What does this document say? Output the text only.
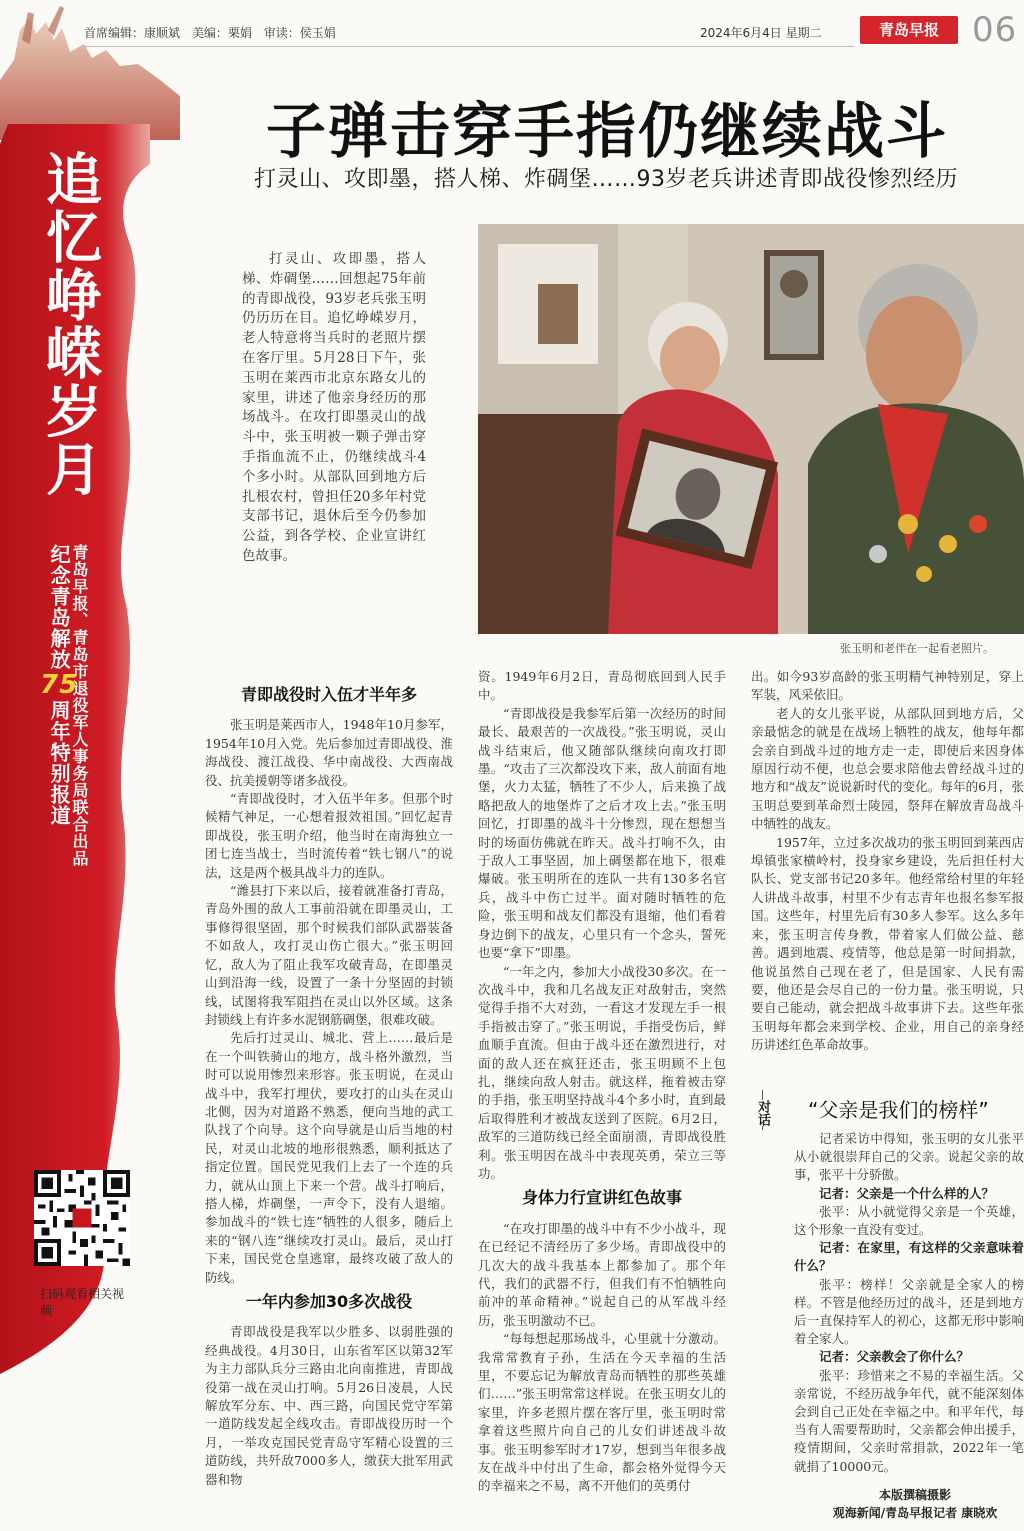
追忆峥嵘岁月
青岛早报、青岛市退役军人事务局联合出品
纪念青岛解放75周年特别报道
首席编辑：康顺斌 美编：栗娟 审读：侯玉娟	2024年6月4日 星期二	青岛早报 06
子弹击穿手指仍继续战斗
打灵山、攻即墨，搭人梯、炸碉堡……93岁老兵讲述青即战役惨烈经历

打灵山、攻即墨，搭人梯、炸碉堡……回想起75年前的青即战役，93岁老兵张玉明仍历历在目。追忆峥嵘岁月，老人特意将当兵时的老照片摆在客厅里。5月28日下午，张玉明在莱西市北京东路女儿的家里，讲述了他亲身经历的那场战斗。在攻打即墨灵山的战斗中，张玉明被一颗子弹击穿手指血流不止，仍继续战斗4个多小时。从部队回到地方后扎根农村，曾担任20多年村党支部书记，退休后至今仍参加公益，到各学校、企业宣讲红色故事。

张玉明和老伴在一起看老照片。
青即战役时入伍才半年多

张玉明是莱西市人，1948年10月参军，1954年10月入党。先后参加过青即战役、淮海战役、渡江战役、华中南战役、大西南战役、抗美援朝等诸多战役。

“青即战役时，才入伍半年多。但那个时候精气神足，一心想着报效祖国。”回忆起青即战役，张玉明介绍，他当时在南海独立一团七连当战士，当时流传着“铁七钢八”的说法，这是两个极具战斗力的连队。

“潍县打下来以后，接着就准备打青岛，青岛外围的敌人工事前沿就在即墨灵山，工事修得很坚固，那个时候我们部队武器装备不如敌人，攻打灵山伤亡很大。”张玉明回忆，敌人为了阻止我军攻破青岛，在即墨灵山到沿海一线，设置了一条十分坚固的封锁线，试图将我军阻挡在灵山以外区域。这条封锁线上有许多水泥钢筋碉堡，很难攻破。

先后打过灵山、城北、营上……最后是在一个叫铁骑山的地方，战斗格外激烈，当时可以说用惨烈来形容。张玉明说，在灵山战斗中，我军打埋伏，要攻打的山头在灵山北侧，因为对道路不熟悉，便向当地的武工队找了个向导。这个向导就是山后当地的村民，对灵山北坡的地形很熟悉，顺利抵达了指定位置。国民党见我们上去了一个连的兵力，就从山顶上下来一个营。战斗打响后，搭人梯，炸碉堡，一声令下，没有人退缩。参加战斗的“铁七连”牺牲的人很多，随后上来的“钢八连”继续攻打灵山。最后，灵山打下来，国民党仓皇逃窜，最终攻破了敌人的防线。

一年内参加30多次战役

青即战役是我军以少胜多、以弱胜强的经典战役。4月30日，山东省军区以第32军为主力部队兵分三路由北向南推进，青即战役第一战在灵山打响。5月26日凌晨，人民解放军分东、中、西三路，向国民党守军第一道防线发起全线攻击。青即战役历时一个月，一举攻克国民党青岛守军精心设置的三道防线，共歼敌7000多人，缴获大批军用武器和物

资。1949年6月2日，青岛彻底回到人民手中。

“青即战役是我参军后第一次经历的时间最长、最艰苦的一次战役。”张玉明说，灵山战斗结束后，他又随部队继续向南攻打即墨。“攻击了三次都没攻下来，敌人前面有地堡，火力太猛，牺牲了不少人，后来换了战略把敌人的地堡炸了之后才攻上去。”张玉明回忆，打即墨的战斗十分惨烈，现在想想当时的场面仿佛就在昨天。战斗打响不久，由于敌人工事坚固，加上碉堡都在地下，很难爆破。张玉明所在的连队一共有130多名官兵，战斗中伤亡过半。面对随时牺牲的危险，张玉明和战友们都没有退缩，他们看着身边倒下的战友，心里只有一个念头，誓死也要“拿下”即墨。

“一年之内，参加大小战役30多次。在一次战斗中，我和几名战友正对敌射击，突然觉得手指不大对劲，一看这才发现左手一根手指被击穿了。”张玉明说，手指受伤后，鲜血顺手直流。但由于战斗还在激烈进行，对面的敌人还在疯狂还击，张玉明顾不上包扎，继续向敌人射击。就这样，拖着被击穿的手指，张玉明坚持战斗4个多小时，直到最后取得胜利才被战友送到了医院。6月2日，敌军的三道防线已经全面崩溃，青即战役胜利。张玉明因在战斗中表现英勇，荣立三等功。

身体力行宣讲红色故事

“在攻打即墨的战斗中有不少小战斗，现在已经记不清经历了多少场。青即战役中的几次大的战斗我基本上都参加了。那个年代，我们的武器不行，但我们有不怕牺牲向前冲的革命精神。”说起自己的从军战斗经历，张玉明激动不已。

“每每想起那场战斗，心里就十分激动。我常常教育子孙，生活在今天幸福的生活里，不要忘记为解放青岛而牺牲的那些英雄们……”张玉明常常这样说。在张玉明女儿的家里，许多老照片摆在客厅里，张玉明时常拿着这些照片向自己的儿女们讲述战斗故事。张玉明参军时才17岁，想到当年很多战友在战斗中付出了生命，都会格外觉得今天的幸福来之不易，离不开他们的英勇付

出。如今93岁高龄的张玉明精气神特别足，穿上军装，风采依旧。

老人的女儿张平说，从部队回到地方后，父亲最惦念的就是在战场上牺牲的战友，他每年都会亲自到战斗过的地方走一走，即使后来因身体原因行动不便，也总会要求陪他去曾经战斗过的地方和“战友”说说新时代的变化。每年的6月，张玉明总要到革命烈士陵园，祭拜在解放青岛战斗中牺牲的战友。

1957年，立过多次战功的张玉明回到莱西店埠镇张家横岭村，投身家乡建设，先后担任村大队长、党支部书记20多年。他经常给村里的年轻人讲战斗故事，村里不少有志青年也报名参军报国。这些年，村里先后有30多人参军。这么多年来，张玉明言传身教，带着家人们做公益、慈善。遇到地震、疫情等，他总是第一时间捐款，他说虽然自己现在老了，但是国家、人民有需要，他还是会尽自己的一份力量。张玉明说，只要自己能动，就会把战斗故事讲下去。这些年张玉明每年都会来到学校、企业，用自己的亲身经历讲述红色革命故事。

对话 “父亲是我们的榜样”

记者采访中得知，张玉明的女儿张平从小就很崇拜自己的父亲。说起父亲的故事，张平十分骄傲。

记者：父亲是一个什么样的人？

张平：从小就觉得父亲是一个英雄，这个形象一直没有变过。

记者：在家里，有这样的父亲意味着什么？

张平：榜样！父亲就是全家人的榜样。不管是他经历过的战斗，还是到地方后一直保持军人的初心，这都无形中影响着全家人。

记者：父亲教会了你什么？

张平：珍惜来之不易的幸福生活。父亲常说，不经历战争年代，就不能深刻体会到自己正处在幸福之中。和平年代，每当有人需要帮助时，父亲都会伸出援手，疫情期间，父亲时常捐款，2022年一笔就捐了10000元。

本版撰稿摄影
观海新闻/青岛早报记者 康晓欢
扫码观看相关视频
